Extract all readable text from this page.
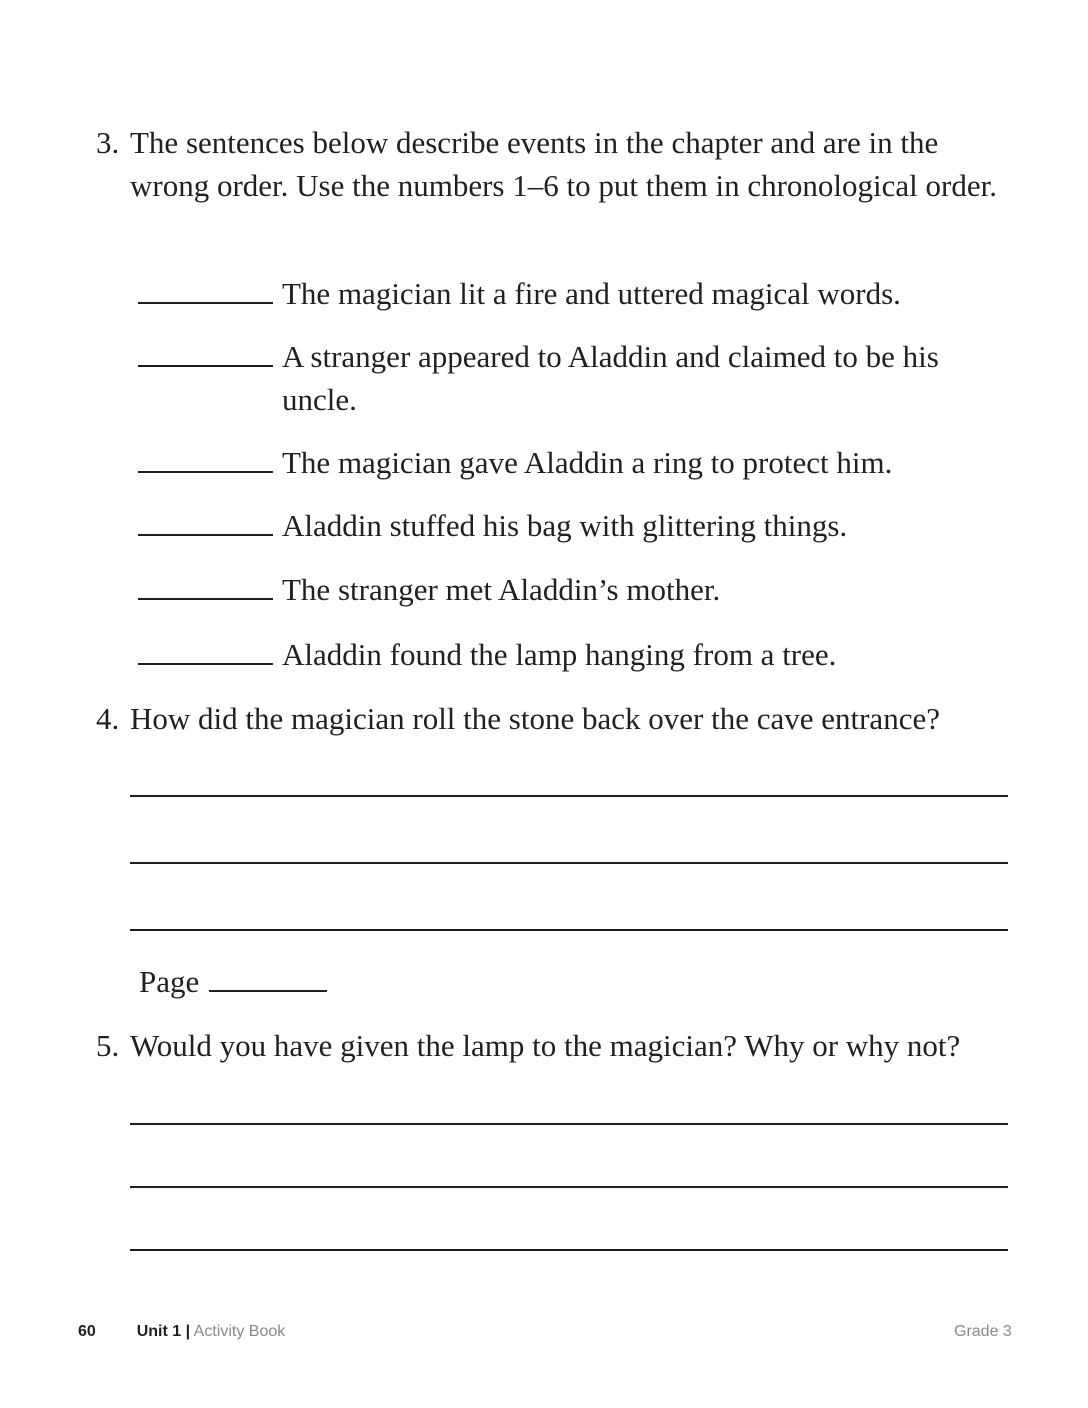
3. The sentences below describe events in the chapter and are in the wrong order. Use the numbers 1–6 to put them in chronological order.
The magician lit a fire and uttered magical words.
A stranger appeared to Aladdin and claimed to be his uncle.
The magician gave Aladdin a ring to protect him.
Aladdin stuffed his bag with glittering things.
The stranger met Aladdin’s mother.
Aladdin found the lamp hanging from a tree.
4. How did the magician roll the stone back over the cave entrance?
Page
5. Would you have given the lamp to the magician? Why or why not?
60	Unit 1 | Activity Book	Grade 3
